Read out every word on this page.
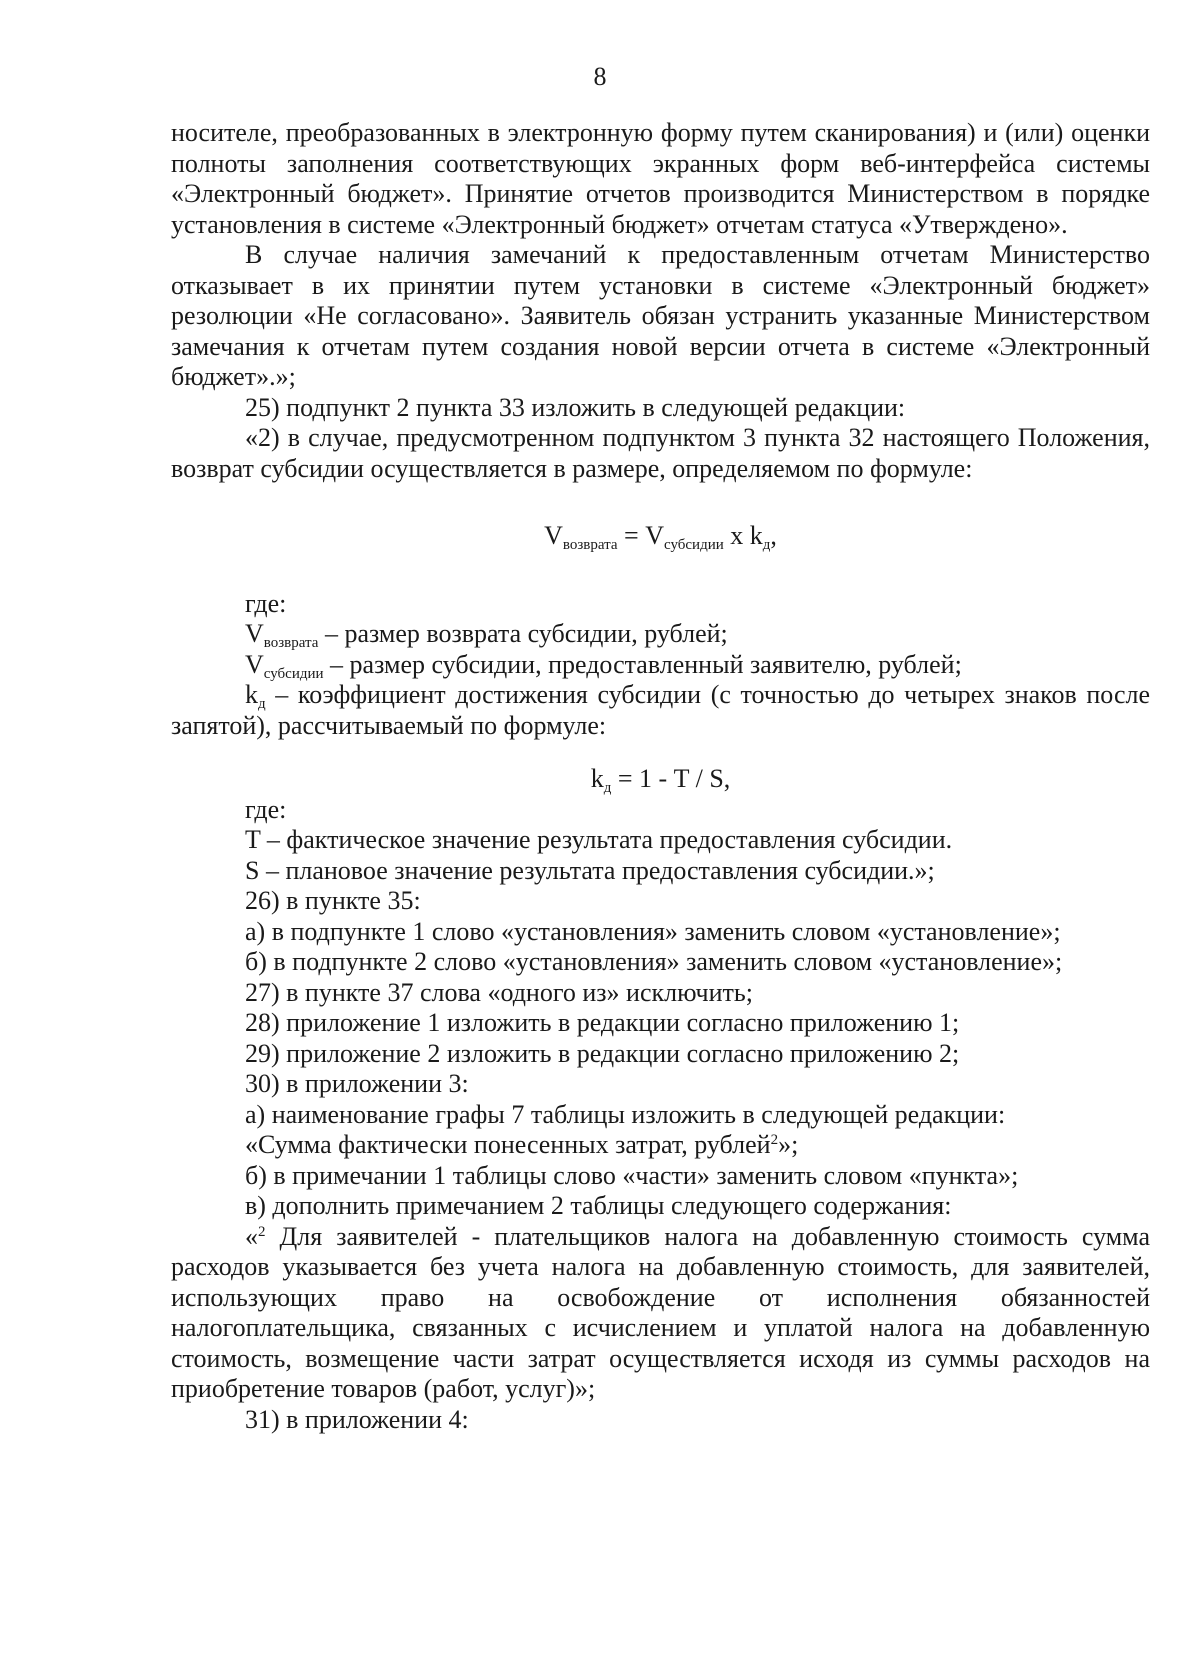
8

носителе, преобразованных в электронную форму путем сканирования) и (или) оценки полноты заполнения соответствующих экранных форм веб-интерфейса системы «Электронный бюджет». Принятие отчетов производится Министерством в порядке установления в системе «Электронный бюджет» отчетам статуса «Утверждено».

В случае наличия замечаний к предоставленным отчетам Министерство отказывает в их принятии путем установки в системе «Электронный бюджет» резолюции «Не согласовано». Заявитель обязан устранить указанные Министерством замечания к отчетам путем создания новой версии отчета в системе «Электронный бюджет».»;

25) подпункт 2 пункта 33 изложить в следующей редакции:

«2) в случае, предусмотренном подпунктом 3 пункта 32 настоящего Положения, возврат субсидии осуществляется в размере, определяемом по формуле:

$V_{возврата} = V_{субсидии}$ x $k_д$,

где:

$V_{возврата}$ – размер возврата субсидии, рублей;

$V_{субсидии}$ – размер субсидии, предоставленный заявителю, рублей;

$k_д$ – коэффициент достижения субсидии (с точностью до четырех знаков после запятой), рассчитываемый по формуле:

$k_д = 1 - T / S$,

где:

T – фактическое значение результата предоставления субсидии.

S – плановое значение результата предоставления субсидии.»;

26) в пункте 35:

а) в подпункте 1 слово «установления» заменить словом «установление»;

б) в подпункте 2 слово «установления» заменить словом «установление»;

27) в пункте 37 слова «одного из» исключить;

28) приложение 1 изложить в редакции согласно приложению 1;

29) приложение 2 изложить в редакции согласно приложению 2;

30) в приложении 3:

а) наименование графы 7 таблицы изложить в следующей редакции:

«Сумма фактически понесенных затрат, рублей$^2$»;

б) в примечании 1 таблицы слово «части» заменить словом «пункта»;

в) дополнить примечанием 2 таблицы следующего содержания:

«$^2$ Для заявителей - плательщиков налога на добавленную стоимость сумма расходов указывается без учета налога на добавленную стоимость, для заявителей, использующих право на освобождение от исполнения обязанностей налогоплательщика, связанных с исчислением и уплатой налога на добавленную стоимость, возмещение части затрат осуществляется исходя из суммы расходов на приобретение товаров (работ, услуг)»;

31) в приложении 4:
